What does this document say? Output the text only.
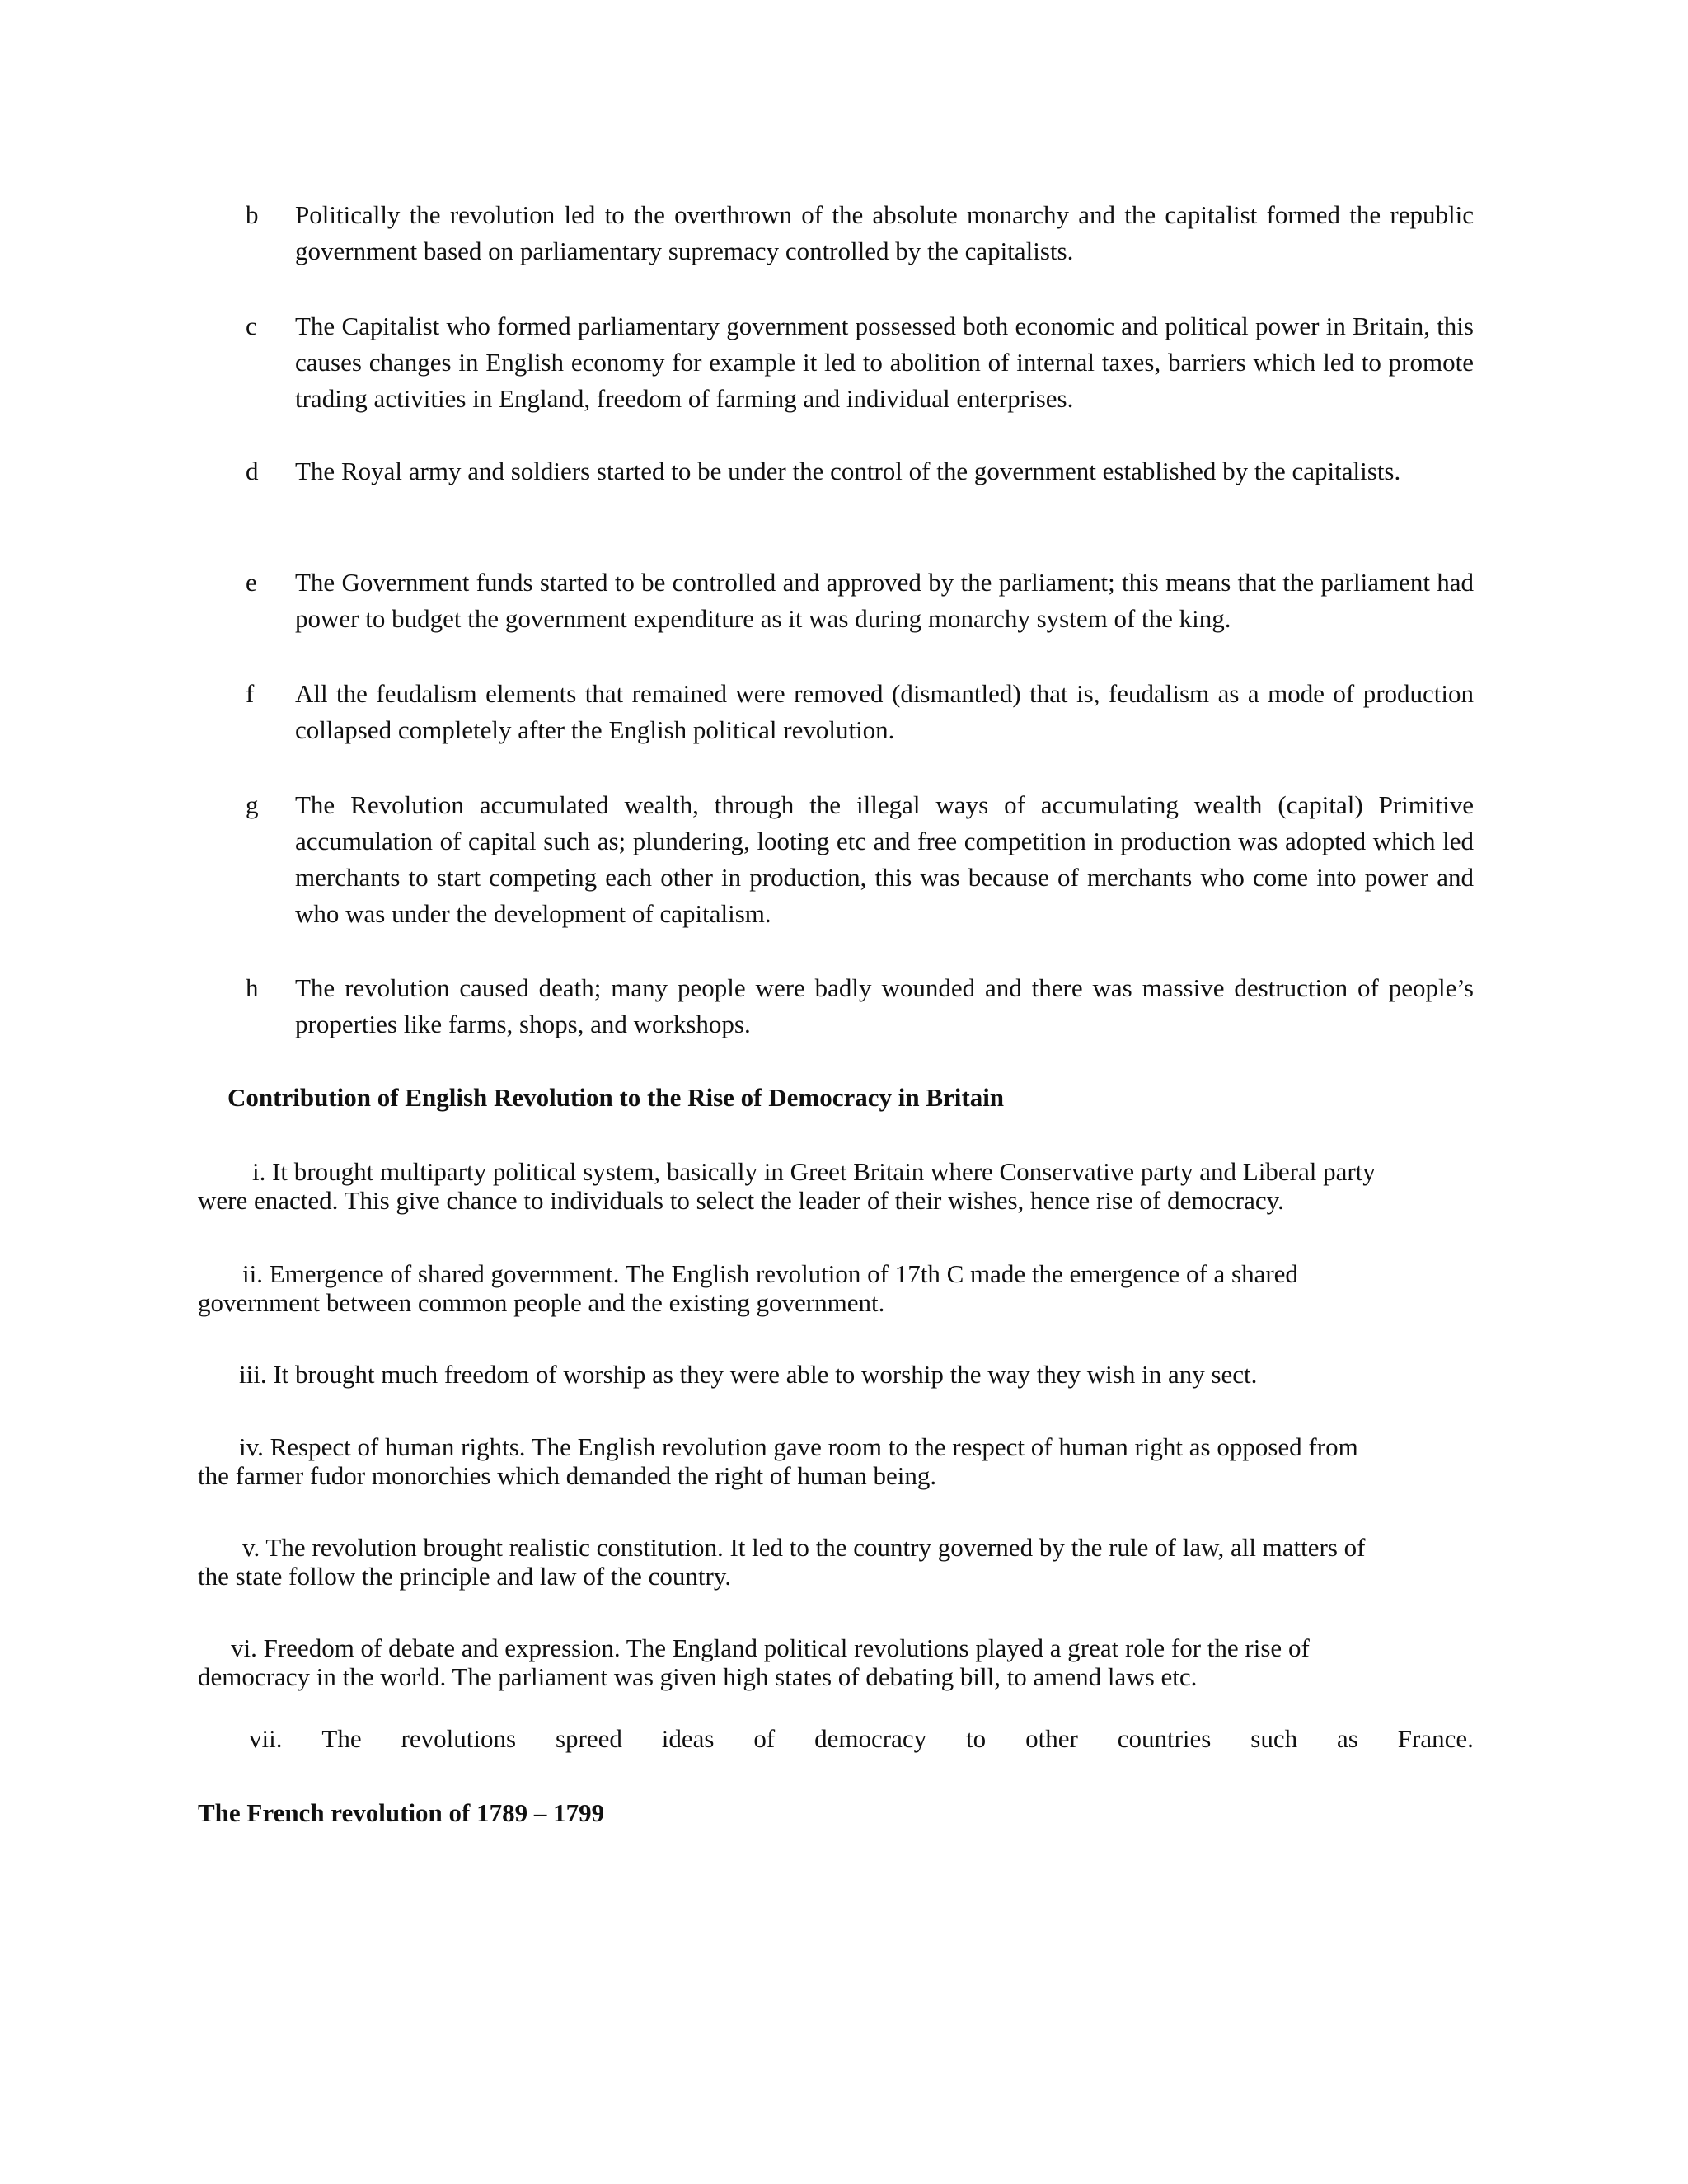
b Politically the revolution led to the overthrown of the absolute monarchy and the capitalist formed the republic government based on parliamentary supremacy controlled by the capitalists.
c The Capitalist who formed parliamentary government possessed both economic and political power in Britain, this causes changes in English economy for example it led to abolition of internal taxes, barriers which led to promote trading activities in England, freedom of farming and individual enterprises.
d The Royal army and soldiers started to be under the control of the government established by the capitalists.
e The Government funds started to be controlled and approved by the parliament; this means that the parliament had power to budget the government expenditure as it was during monarchy system of the king.
f All the feudalism elements that remained were removed (dismantled) that is, feudalism as a mode of production collapsed completely after the English political revolution.
g The Revolution accumulated wealth, through the illegal ways of accumulating wealth (capital) Primitive accumulation of capital such as; plundering, looting etc and free competition in production was adopted which led merchants to start competing each other in production, this was because of merchants who come into power and who was under the development of capitalism.
h The revolution caused death; many people were badly wounded and there was massive destruction of people’s properties like farms, shops, and workshops.
Contribution of English Revolution to the Rise of Democracy in Britain
i. It brought multiparty political system, basically in Greet Britain where Conservative party and Liberal party
were enacted. This give chance to individuals to select the leader of their wishes, hence rise of democracy.
ii. Emergence of shared government. The English revolution of 17th C made the emergence of a shared
government between common people and the existing government.
iii. It brought much freedom of worship as they were able to worship the way they wish in any sect.
iv. Respect of human rights. The English revolution gave room to the respect of human right as opposed from
the farmer fudor monorchies which demanded the right of human being.
v. The revolution brought realistic constitution. It led to the country governed by the rule of law, all matters of
the state follow the principle and law of the country.
vi. Freedom of debate and expression. The England political revolutions played a great role for the rise of
democracy in the world. The parliament was given high states of debating bill, to amend laws etc.
vii. The revolutions spreed ideas of democracy to other countries such as France.
The French revolution of 1789 – 1799
